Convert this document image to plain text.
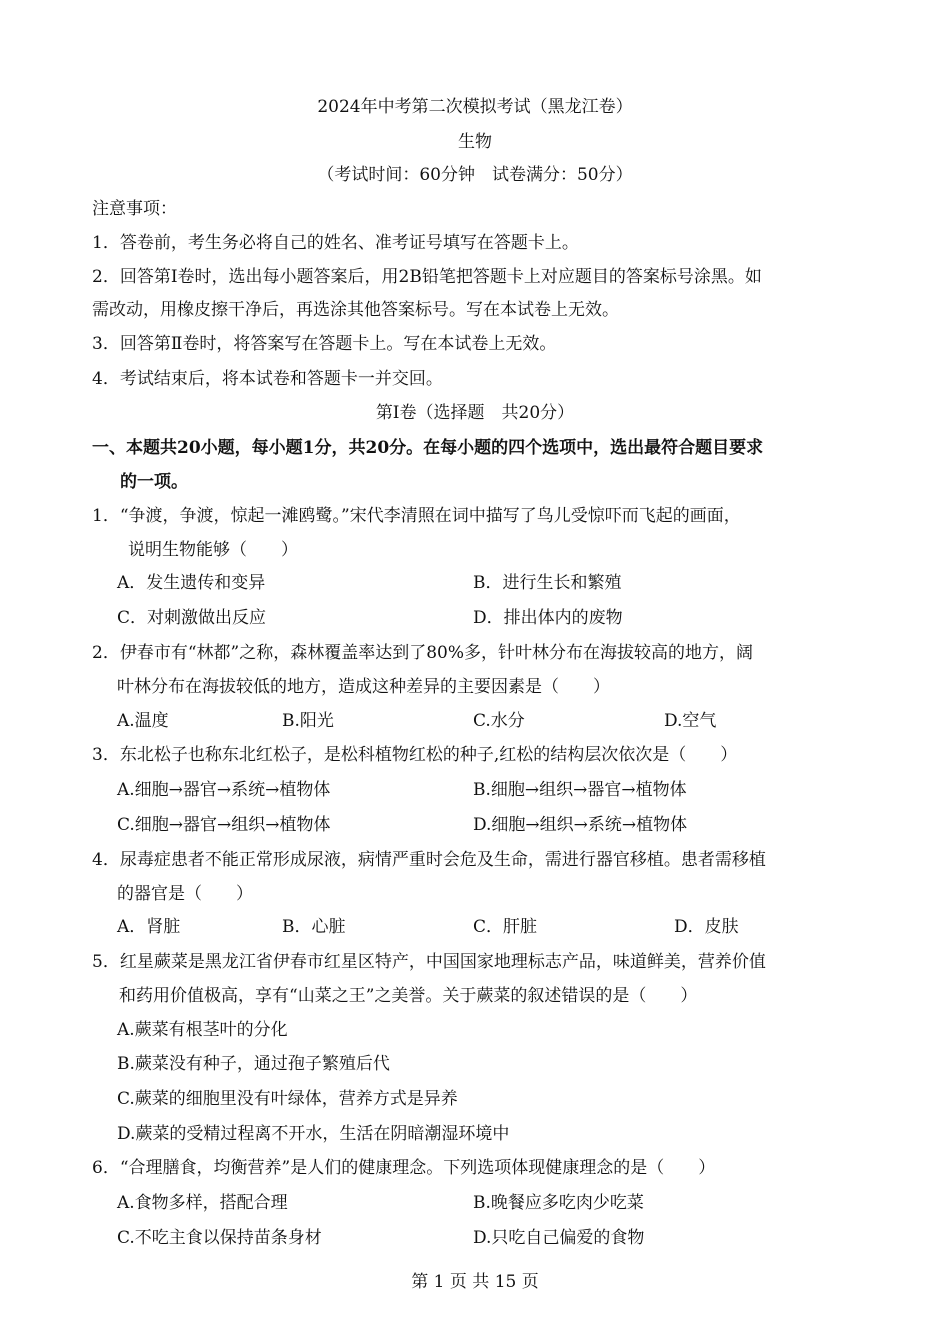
2024年中考第二次模拟考试（黑龙江卷）
生物
（考试时间：60分钟　试卷满分：50分）
注意事项：
1．答卷前，考生务必将自己的姓名、准考证号填写在答题卡上。
2．回答第Ⅰ卷时，选出每小题答案后，用2B铅笔把答题卡上对应题目的答案标号涂黑。如
需改动，用橡皮擦干净后，再选涂其他答案标号。写在本试卷上无效。
3．回答第Ⅱ卷时，将答案写在答题卡上。写在本试卷上无效。
4．考试结束后，将本试卷和答题卡一并交回。
第Ⅰ卷（选择题　共20分）
一、本题共20小题，每小题1分，共20分。在每小题的四个选项中，选出最符合题目要求
的一项。
1．“争渡，争渡，惊起一滩鸥鹭。”宋代李清照在词中描写了鸟儿受惊吓而飞起的画面，
说明生物能够（　　）
A．发生遗传和变异	B．进行生长和繁殖
C．对刺激做出反应	D．排出体内的废物
2．伊春市有“林都”之称，森林覆盖率达到了80%多，针叶林分布在海拔较高的地方，阔
叶林分布在海拔较低的地方，造成这种差异的主要因素是（　　）
A.温度	B.阳光	C.水分	D.空气
3．东北松子也称东北红松子，是松科植物红松的种子,红松的结构层次依次是（　　）
A.细胞→器官→系统→植物体	B.细胞→组织→器官→植物体
C.细胞→器官→组织→植物体	D.细胞→组织→系统→植物体
4．尿毒症患者不能正常形成尿液，病情严重时会危及生命，需进行器官移植。患者需移植
的器官是（　　）
A．肾脏	B．心脏	C．肝脏	D．皮肤
5．红星蕨菜是黑龙江省伊春市红星区特产，中国国家地理标志产品，味道鲜美，营养价值
和药用价值极高，享有“山菜之王”之美誉。关于蕨菜的叙述错误的是（　　）
A.蕨菜有根茎叶的分化
B.蕨菜没有种子，通过孢子繁殖后代
C.蕨菜的细胞里没有叶绿体，营养方式是异养
D.蕨菜的受精过程离不开水，生活在阴暗潮湿环境中
6．“合理膳食，均衡营养”是人们的健康理念。下列选项体现健康理念的是（　　）
A.食物多样，搭配合理	B.晚餐应多吃肉少吃菜
C.不吃主食以保持苗条身材	D.只吃自己偏爱的食物
第 1 页 共 15 页
